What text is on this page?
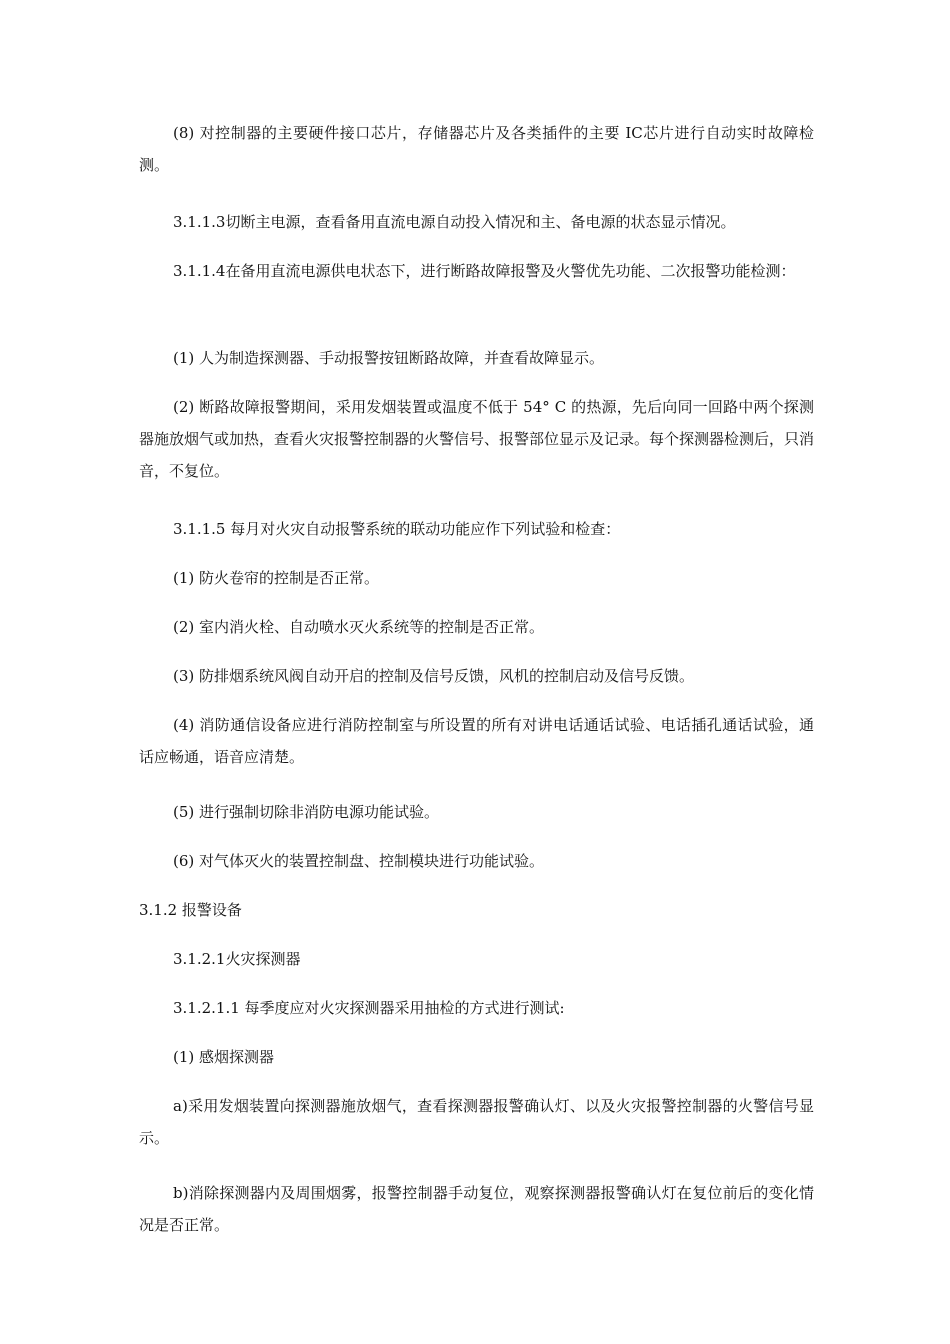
(8) 对控制器的主要硬件接口芯片，存储器芯片及各类插件的主要 IC芯片进行自动实时故障检测。

3.1.1.3切断主电源，查看备用直流电源自动投入情况和主、备电源的状态显示情况。

3.1.1.4在备用直流电源供电状态下，进行断路故障报警及火警优先功能、二次报警功能检测：

(1) 人为制造探测器、手动报警按钮断路故障，并查看故障显示。

(2) 断路故障报警期间，采用发烟装置或温度不低于 54° C 的热源，先后向同一回路中两个探测器施放烟气或加热，查看火灾报警控制器的火警信号、报警部位显示及记录。每个探测器检测后，只消音，不复位。

3.1.1.5 每月对火灾自动报警系统的联动功能应作下列试验和检查：

(1) 防火卷帘的控制是否正常。

(2) 室内消火栓、自动喷水灭火系统等的控制是否正常。

(3) 防排烟系统风阀自动开启的控制及信号反馈，风机的控制启动及信号反馈。

(4) 消防通信设备应进行消防控制室与所设置的所有对讲电话通话试验、电话插孔通话试验，通话应畅通，语音应清楚。

(5) 进行强制切除非消防电源功能试验。

(6) 对气体灭火的装置控制盘、控制模块进行功能试验。

3.1.2 报警设备

3.1.2.1火灾探测器

3.1.2.1.1 每季度应对火灾探测器采用抽检的方式进行测试:

(1) 感烟探测器

a)采用发烟装置向探测器施放烟气，查看探测器报警确认灯、以及火灾报警控制器的火警信号显示。

b)消除探测器内及周围烟雾，报警控制器手动复位，观察探测器报警确认灯在复位前后的变化情况是否正常。
